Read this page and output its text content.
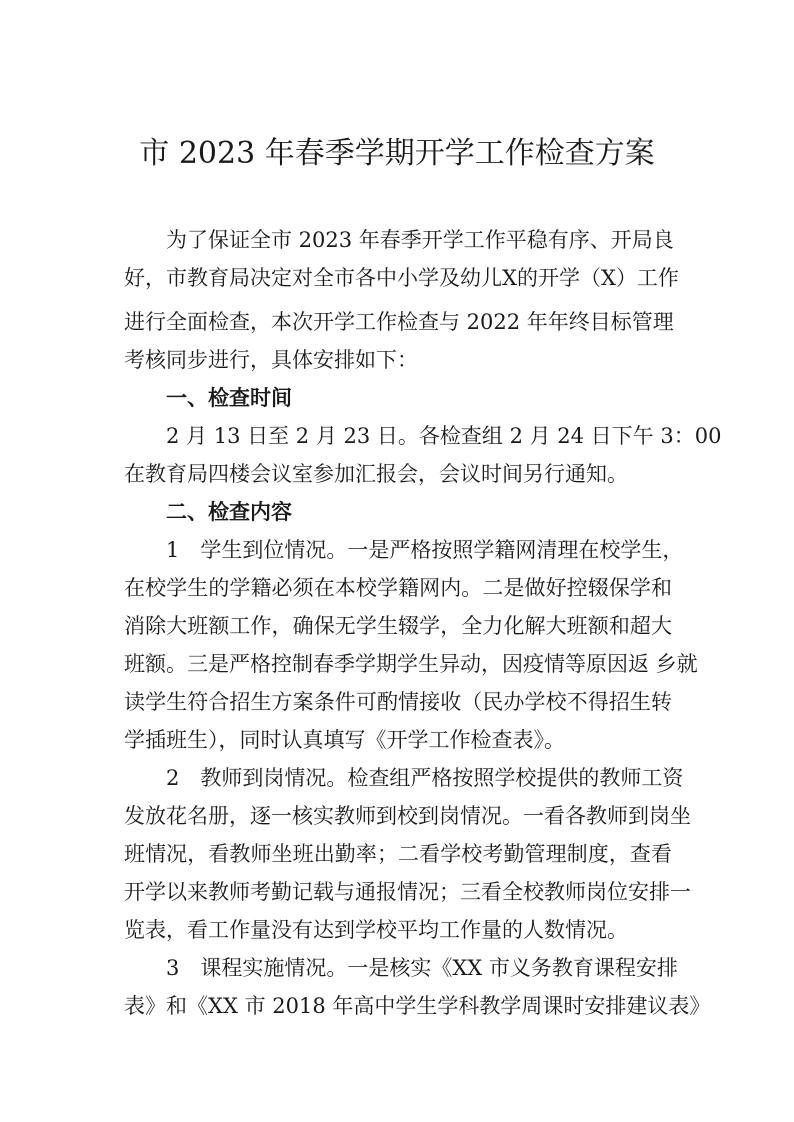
市 2023 年春季学期开学工作检查方案
为了保证全市 2023 年春季开学工作平稳有序、开局良
好，市教育局决定对全市各中小学及幼儿X的开学（X）工作
进行全面检查，本次开学工作检查与 2022 年年终目标管理
考核同步进行，具体安排如下：
一、检查时间
2 月 13 日至 2 月 23 日。各检查组 2 月 24 日下午 3：00
在教育局四楼会议室参加汇报会，会议时间另行通知。
二、检查内容
1　学生到位情况。一是严格按照学籍网清理在校学生，
在校学生的学籍必须在本校学籍网内。二是做好控辍保学和
消除大班额工作，确保无学生辍学，全力化解大班额和超大
班额。三是严格控制春季学期学生异动，因疫情等原因返 乡就
读学生符合招生方案条件可酌情接收（民办学校不得招生转
学插班生），同时认真填写《开学工作检查表》。
2　教师到岗情况。检查组严格按照学校提供的教师工资
发放花名册，逐一核实教师到校到岗情况。一看各教师到岗坐
班情况，看教师坐班出勤率；二看学校考勤管理制度，查看
开学以来教师考勤记载与通报情况；三看全校教师岗位安排一
览表，看工作量没有达到学校平均工作量的人数情况。
3　课程实施情况。一是核实《XX 市义务教育课程安排
表》和《XX 市 2018 年高中学生学科教学周课时安排建议表》
